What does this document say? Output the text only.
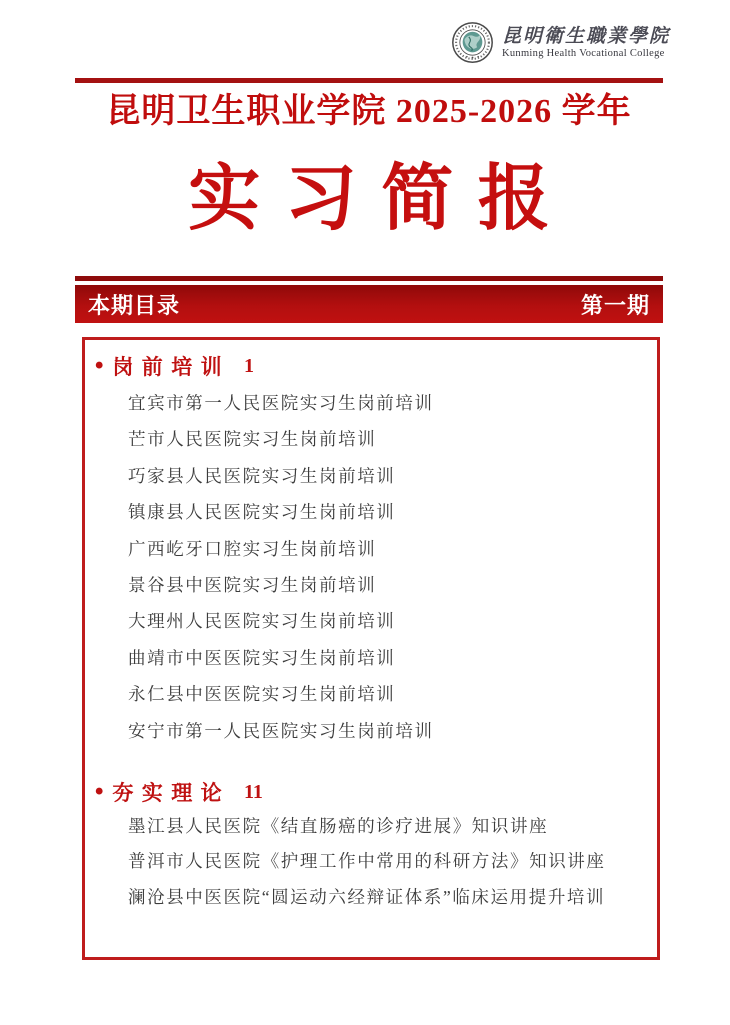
昆明衛生職業學院
Kunming Health Vocational College
昆明卫生职业学院 2025-2026 学年
实习简报
本期目录	第一期
• 岗前培训 1
宜宾市第一人民医院实习生岗前培训
芒市人民医院实习生岗前培训
巧家县人民医院实习生岗前培训
镇康县人民医院实习生岗前培训
广西屹牙口腔实习生岗前培训
景谷县中医院实习生岗前培训
大理州人民医院实习生岗前培训
曲靖市中医医院实习生岗前培训
永仁县中医医院实习生岗前培训
安宁市第一人民医院实习生岗前培训
• 夯实理论 11
墨江县人民医院《结直肠癌的诊疗进展》知识讲座
普洱市人民医院《护理工作中常用的科研方法》知识讲座
澜沧县中医医院“圆运动六经辩证体系”临床运用提升培训
